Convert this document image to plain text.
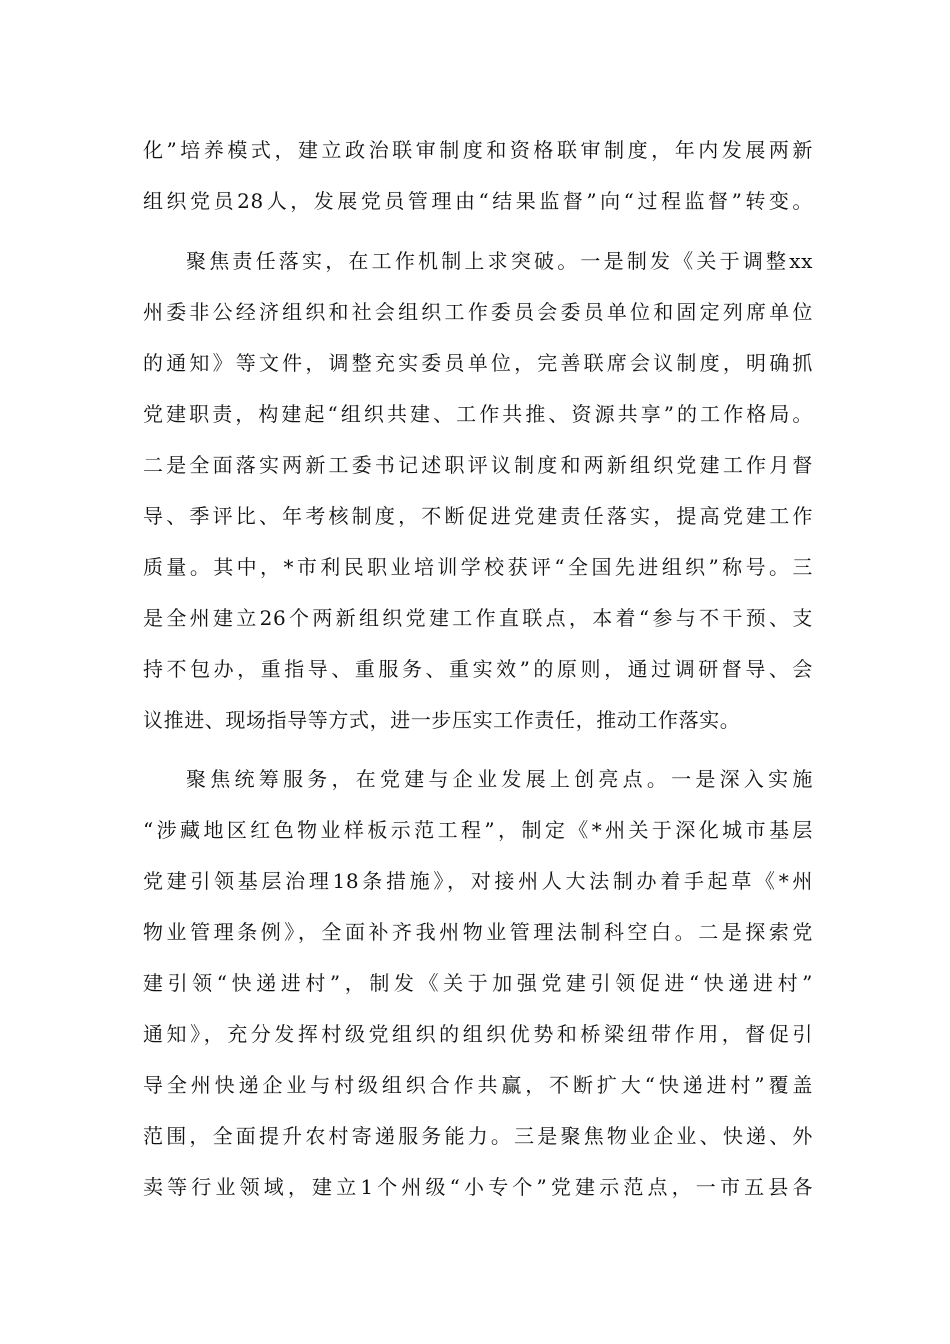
化”培养模式，建立政治联审制度和资格联审制度，年内发展两新
组织党员28人，发展党员管理由“结果监督”向“过程监督”转变。
聚焦责任落实，在工作机制上求突破。一是制发《关于调整xx
州委非公经济组织和社会组织工作委员会委员单位和固定列席单位
的通知》等文件，调整充实委员单位，完善联席会议制度，明确抓
党建职责，构建起“组织共建、工作共推、资源共享”的工作格局。
二是全面落实两新工委书记述职评议制度和两新组织党建工作月督
导、季评比、年考核制度，不断促进党建责任落实，提高党建工作
质量。其中，*市利民职业培训学校获评“全国先进组织”称号。三
是全州建立26个两新组织党建工作直联点，本着“参与不干预、支
持不包办，重指导、重服务、重实效”的原则，通过调研督导、会
议推进、现场指导等方式，进一步压实工作责任，推动工作落实。
聚焦统筹服务，在党建与企业发展上创亮点。一是深入实施
“涉藏地区红色物业样板示范工程”，制定《*州关于深化城市基层
党建引领基层治理18条措施》，对接州人大法制办着手起草《*州
物业管理条例》，全面补齐我州物业管理法制科空白。二是探索党
建引领“快递进村”，制发《关于加强党建引领促进“快递进村”
通知》，充分发挥村级党组织的组织优势和桥梁纽带作用，督促引
导全州快递企业与村级组织合作共赢，不断扩大“快递进村”覆盖
范围，全面提升农村寄递服务能力。三是聚焦物业企业、快递、外
卖等行业领域，建立1个州级“小专个”党建示范点，一市五县各
